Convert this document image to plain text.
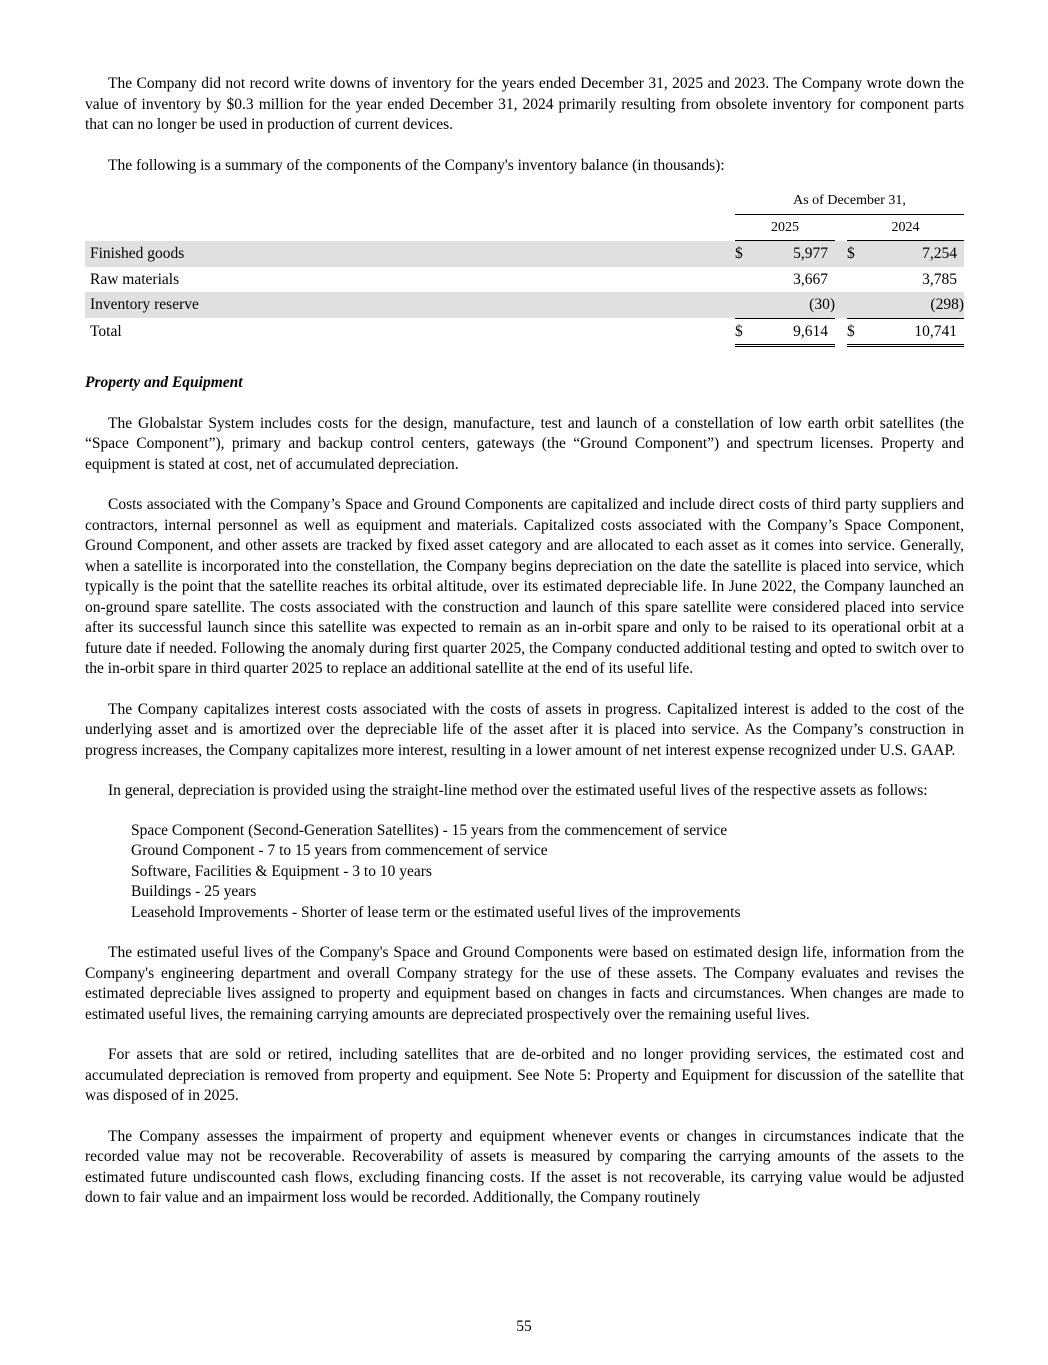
The Company did not record write downs of inventory for the years ended December 31, 2025 and 2023. The Company wrote down the value of inventory by $0.3 million for the year ended December 31, 2024 primarily resulting from obsolete inventory for component parts that can no longer be used in production of current devices.

The following is a summary of the components of the Company's inventory balance (in thousands):

	As of December 31,				
	2025			2024	
Finished goods	$	5,977		$	7,254
Raw materials		3,667			3,785
Inventory reserve		(30)			(298)
Total	$	9,614		$	10,741

Property and Equipment

The Globalstar System includes costs for the design, manufacture, test and launch of a constellation of low earth orbit satellites (the “Space Component”), primary and backup control centers, gateways (the “Ground Component”) and spectrum licenses. Property and equipment is stated at cost, net of accumulated depreciation.

Costs associated with the Company’s Space and Ground Components are capitalized and include direct costs of third party suppliers and contractors, internal personnel as well as equipment and materials. Capitalized costs associated with the Company’s Space Component, Ground Component, and other assets are tracked by fixed asset category and are allocated to each asset as it comes into service. Generally, when a satellite is incorporated into the constellation, the Company begins depreciation on the date the satellite is placed into service, which typically is the point that the satellite reaches its orbital altitude, over its estimated depreciable life. In June 2022, the Company launched an on-ground spare satellite. The costs associated with the construction and launch of this spare satellite were considered placed into service after its successful launch since this satellite was expected to remain as an in-orbit spare and only to be raised to its operational orbit at a future date if needed. Following the anomaly during first quarter 2025, the Company conducted additional testing and opted to switch over to the in-orbit spare in third quarter 2025 to replace an additional satellite at the end of its useful life.

The Company capitalizes interest costs associated with the costs of assets in progress. Capitalized interest is added to the cost of the underlying asset and is amortized over the depreciable life of the asset after it is placed into service. As the Company’s construction in progress increases, the Company capitalizes more interest, resulting in a lower amount of net interest expense recognized under U.S. GAAP.

In general, depreciation is provided using the straight-line method over the estimated useful lives of the respective assets as follows:

Space Component (Second-Generation Satellites) - 15 years from the commencement of service

Ground Component - 7 to 15 years from commencement of service

Software, Facilities & Equipment - 3 to 10 years

Buildings - 25 years

Leasehold Improvements - Shorter of lease term or the estimated useful lives of the improvements

The estimated useful lives of the Company's Space and Ground Components were based on estimated design life, information from the Company's engineering department and overall Company strategy for the use of these assets. The Company evaluates and revises the estimated depreciable lives assigned to property and equipment based on changes in facts and circumstances. When changes are made to estimated useful lives, the remaining carrying amounts are depreciated prospectively over the remaining useful lives.

For assets that are sold or retired, including satellites that are de-orbited and no longer providing services, the estimated cost and accumulated depreciation is removed from property and equipment. See Note 5: Property and Equipment for discussion of the satellite that was disposed of in 2025.

The Company assesses the impairment of property and equipment whenever events or changes in circumstances indicate that the recorded value may not be recoverable. Recoverability of assets is measured by comparing the carrying amounts of the assets to the estimated future undiscounted cash flows, excluding financing costs. If the asset is not recoverable, its carrying value would be adjusted down to fair value and an impairment loss would be recorded. Additionally, the Company routinely

55
